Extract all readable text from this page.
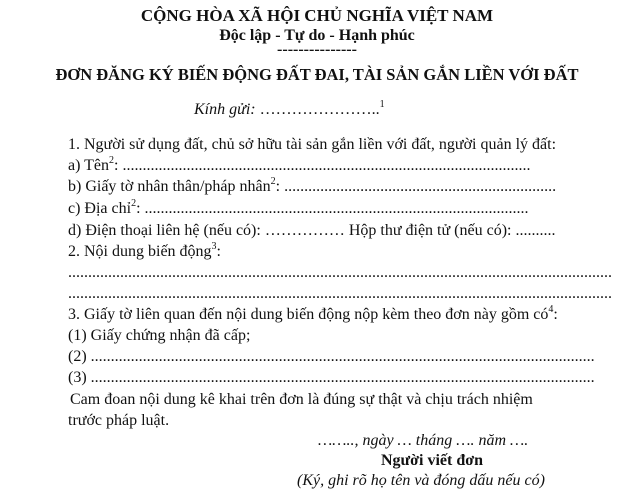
CỘNG HÒA XÃ HỘI CHỦ NGHĨA VIỆT NAM
Độc lập - Tự do - Hạnh phúc
---------------
ĐƠN ĐĂNG KÝ BIẾN ĐỘNG ĐẤT ĐAI, TÀI SẢN GẮN LIỀN VỚI ĐẤT
Kính gửi: …………………..$^1$
1. Người sử dụng đất, chủ sở hữu tài sản gắn liền với đất, người quản lý đất:
a) Tên$^2$: ......................................................................................................
b) Giấy tờ nhân thân/pháp nhân$^2$: ....................................................................
c) Địa chỉ$^2$: ................................................................................................
d) Điện thoại liên hệ (nếu có): …………… Hộp thư điện tử (nếu có): ..........
2. Nội dung biến động$^3$:
........................................................................................................................................
........................................................................................................................................
3. Giấy tờ liên quan đến nội dung biến động nộp kèm theo đơn này gồm $có^4$:
(1) Giấy chứng nhận đã cấp;
(2) ..............................................................................................................................
(3) ..............................................................................................................................
Cam đoan nội dung kê khai trên đơn là đúng sự thật và chịu trách nhiệm
trước pháp luật.
…….., ngày … tháng …. năm ….
Người viết đơn
(Ký, ghi rõ họ tên và đóng dấu nếu có)
